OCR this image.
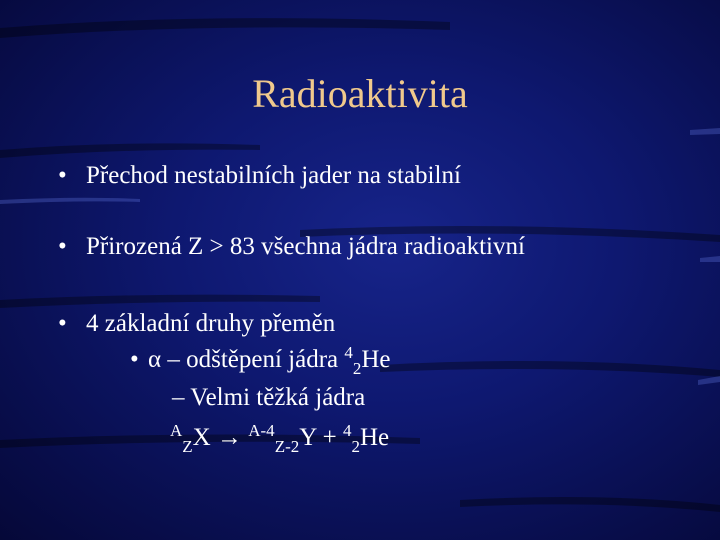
Radioaktivita
• Přechod nestabilních jader na stabilní
• Přirozená Z > 83 všechna jádra radioaktivní
• 4 základní druhy přeměn
• α – odštěpení jádra $^4_2$He
– Velmi těžká jádra
$^A_Z$X → $^{A-4}_{Z-2}$Y + $^4_2$He
